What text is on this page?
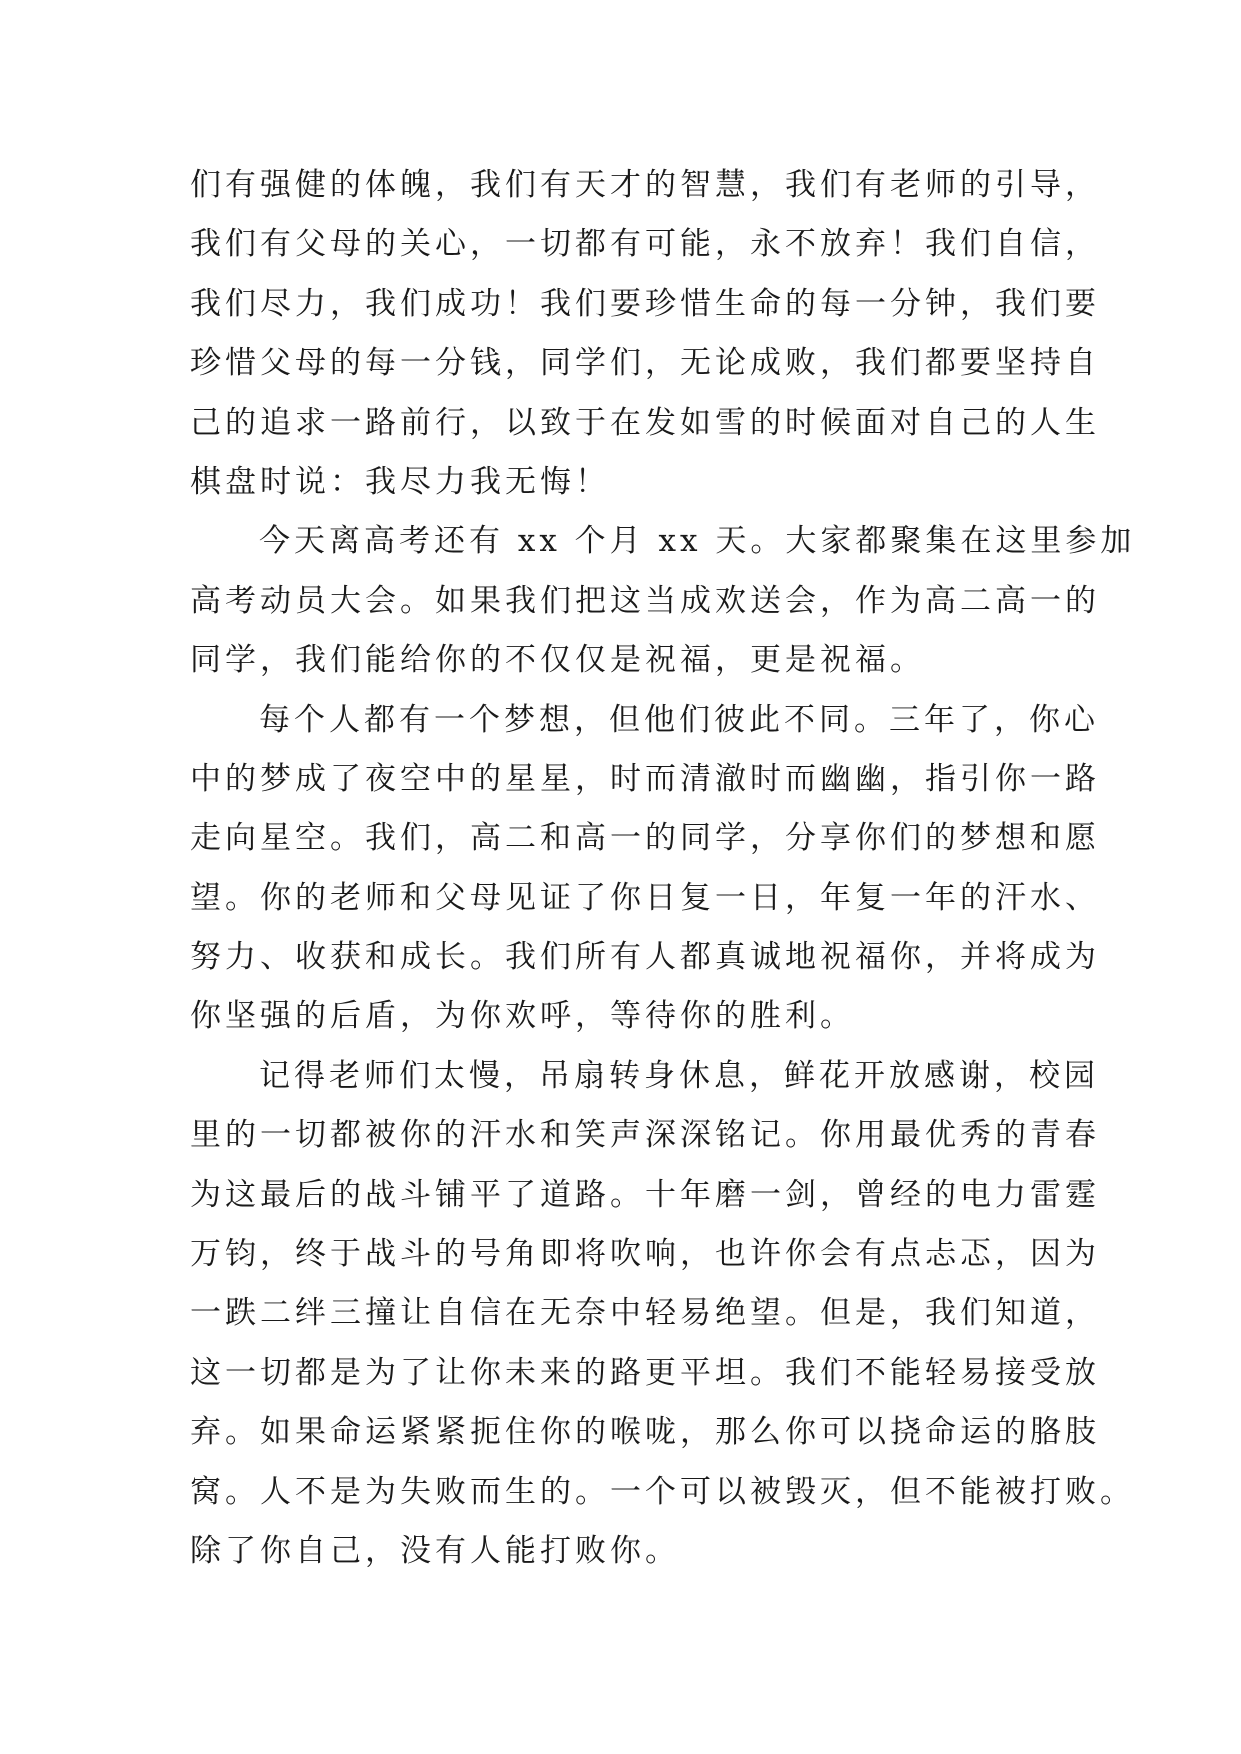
们有强健的体魄，我们有天才的智慧，我们有老师的引导，
我们有父母的关心，一切都有可能，永不放弃！我们自信，
我们尽力，我们成功！我们要珍惜生命的每一分钟，我们要
珍惜父母的每一分钱，同学们，无论成败，我们都要坚持自
己的追求一路前行，以致于在发如雪的时候面对自己的人生
棋盘时说：我尽力我无悔！
今天离高考还有 xx 个月 xx 天。大家都聚集在这里参加
高考动员大会。如果我们把这当成欢送会，作为高二高一的
同学，我们能给你的不仅仅是祝福，更是祝福。
每个人都有一个梦想，但他们彼此不同。三年了，你心
中的梦成了夜空中的星星，时而清澈时而幽幽，指引你一路
走向星空。我们，高二和高一的同学，分享你们的梦想和愿
望。你的老师和父母见证了你日复一日，年复一年的汗水、
努力、收获和成长。我们所有人都真诚地祝福你，并将成为
你坚强的后盾，为你欢呼，等待你的胜利。
记得老师们太慢，吊扇转身休息，鲜花开放感谢，校园
里的一切都被你的汗水和笑声深深铭记。你用最优秀的青春
为这最后的战斗铺平了道路。十年磨一剑，曾经的电力雷霆
万钧，终于战斗的号角即将吹响，也许你会有点忐忑，因为
一跌二绊三撞让自信在无奈中轻易绝望。但是，我们知道，
这一切都是为了让你未来的路更平坦。我们不能轻易接受放
弃。如果命运紧紧扼住你的喉咙，那么你可以挠命运的胳肢
窝。人不是为失败而生的。一个可以被毁灭，但不能被打败。
除了你自己，没有人能打败你。
